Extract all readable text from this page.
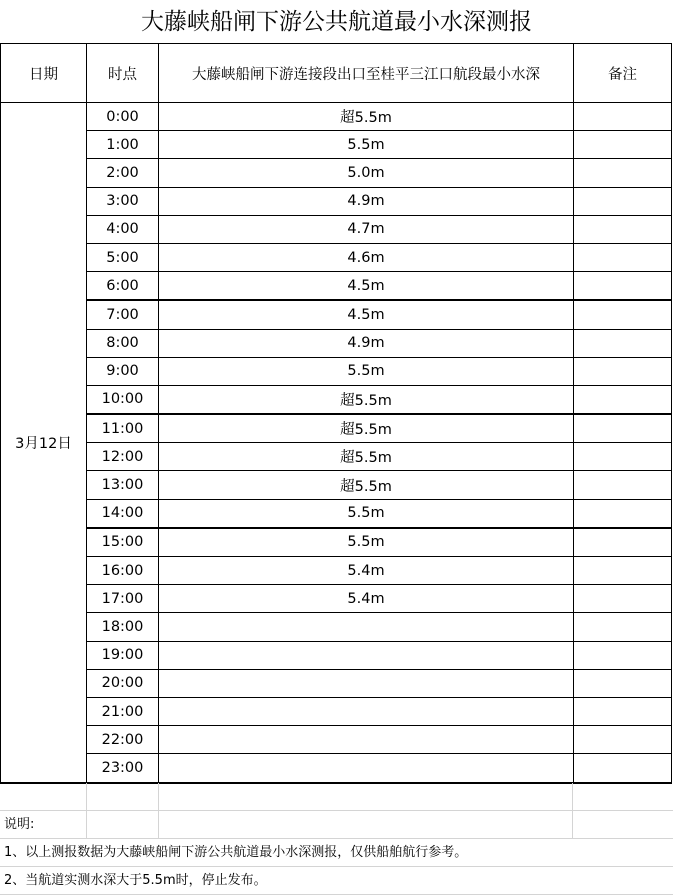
大藤峡船闸下游公共航道最小水深测报
日期	时点	大藤峡船闸下游连接段出口至桂平三江口航段最小水深	备注
3月12日	0:00	超5.5m	
	1:00	5.5m	
	2:00	5.0m	
	3:00	4.9m	
	4:00	4.7m	
	5:00	4.6m	
	6:00	4.5m	
	7:00	4.5m	
	8:00	4.9m	
	9:00	5.5m	
	10:00	超5.5m	
	11:00	超5.5m	
	12:00	超5.5m	
	13:00	超5.5m	
	14:00	5.5m	
	15:00	5.5m	
	16:00	5.4m	
	17:00	5.4m	
	18:00		
	19:00		
	20:00		
	21:00		
	22:00		
	23:00		
说明:
1、以上测报数据为大藤峡船闸下游公共航道最小水深测报，仅供船舶航行参考。
2、当航道实测水深大于5.5m时，停止发布。
